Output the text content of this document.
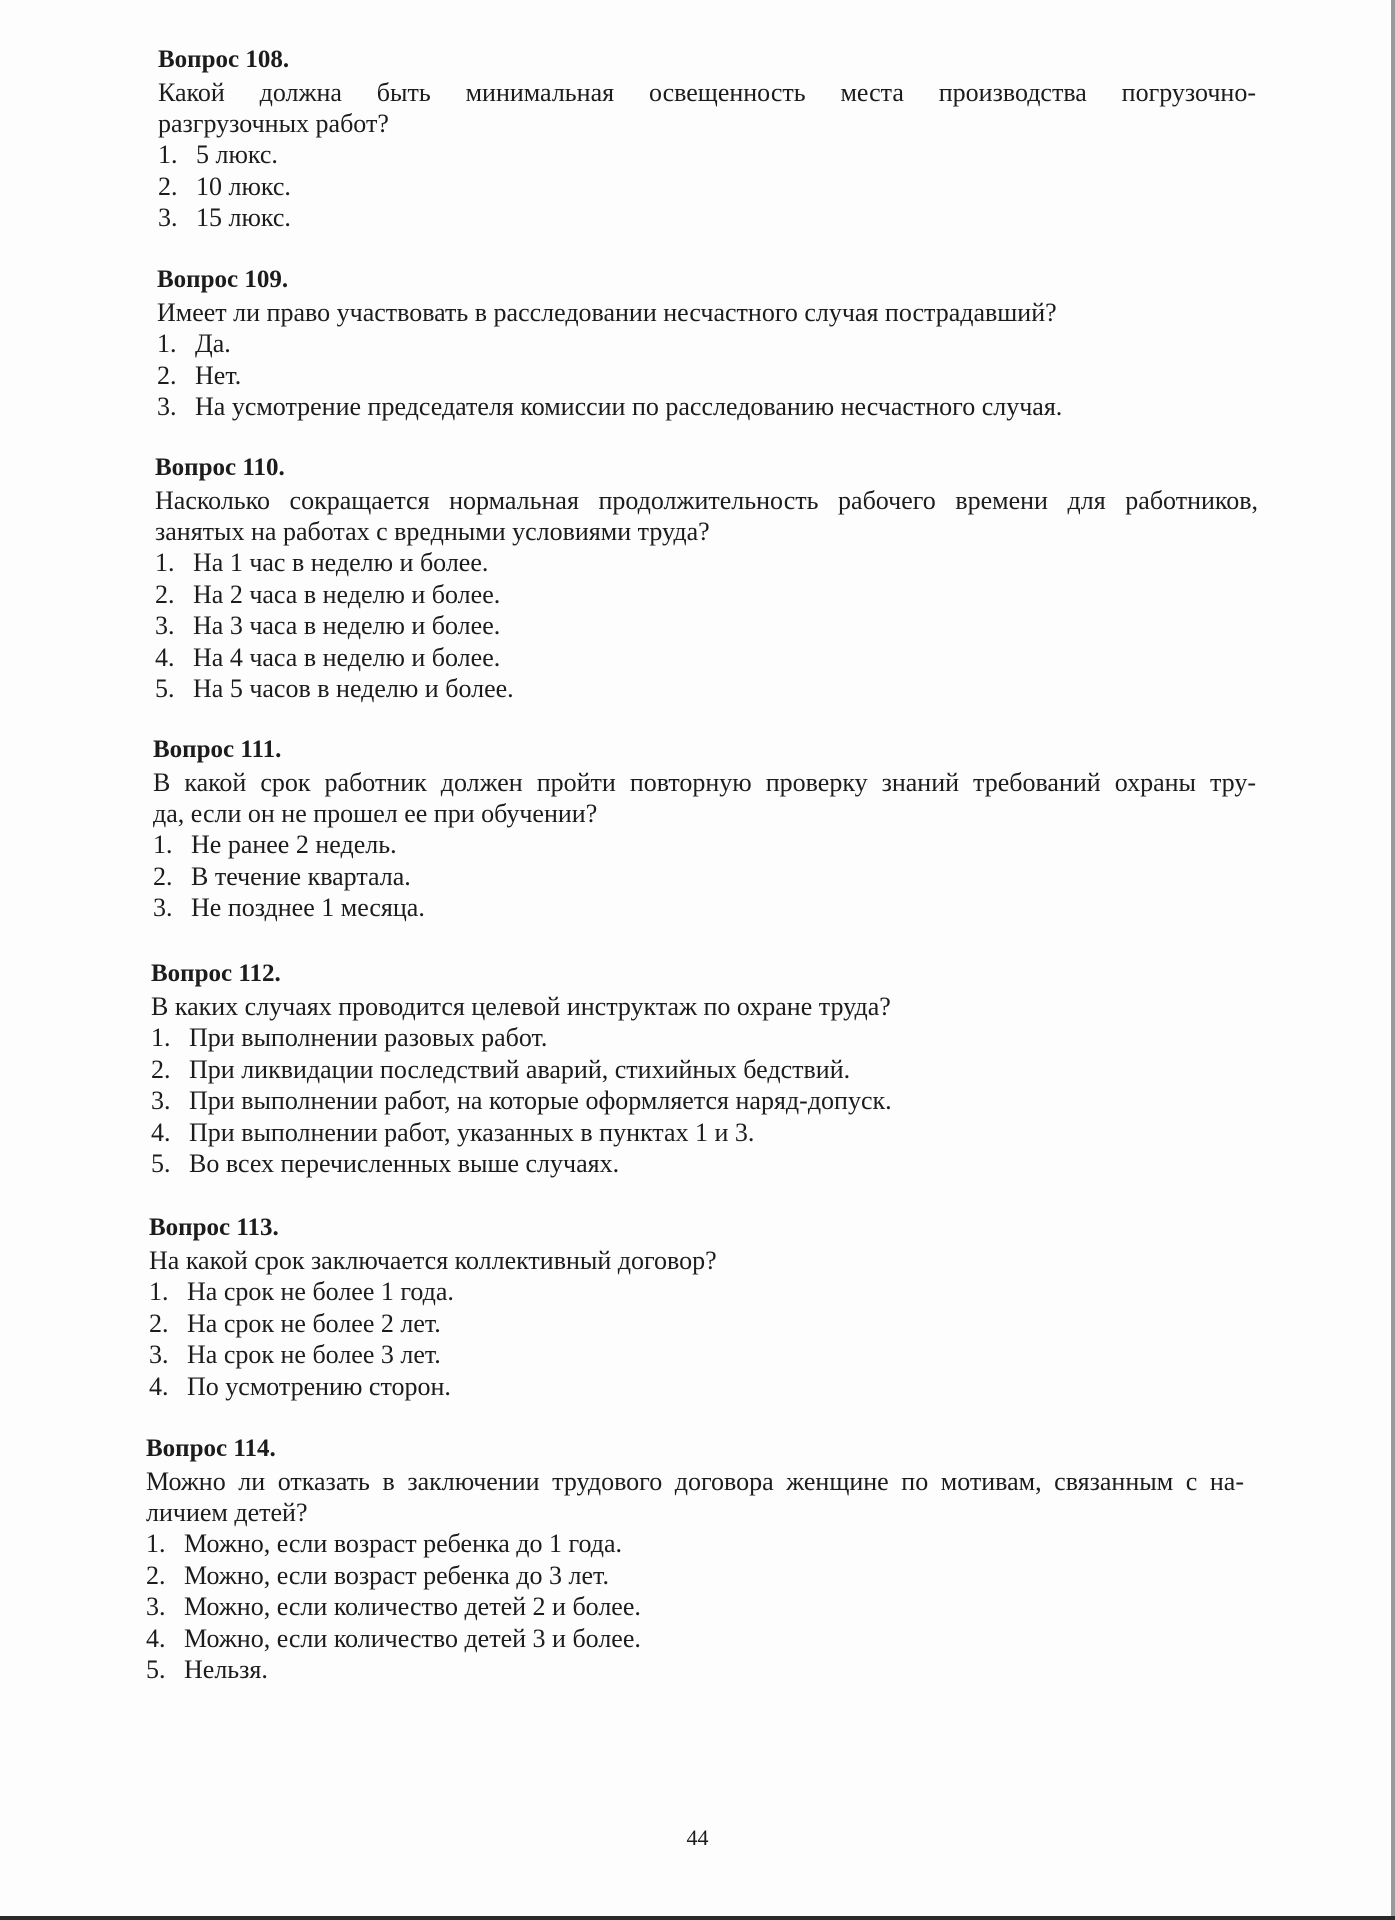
Вопрос 108.

Какой должна быть минимальная освещенность места производства погрузочно-

разгрузочных работ?

1. 5 люкс.
2. 10 люкс.
3. 15 люкс.

Вопрос 109.

Имеет ли право участвовать в расследовании несчастного случая пострадавший?

1. Да.
2. Нет.
3. На усмотрение председателя комиссии по расследованию несчастного случая.

Вопрос 110.

Насколько сокращается нормальная продолжительность рабочего времени для работников,

занятых на работах с вредными условиями труда?

1. На 1 час в неделю и более.
2. На 2 часа в неделю и более.
3. На 3 часа в неделю и более.
4. На 4 часа в неделю и более.
5. На 5 часов в неделю и более.

Вопрос 111.

В какой срок работник должен пройти повторную проверку знаний требований охраны тру-

да, если он не прошел ее при обучении?

1. Не ранее 2 недель.
2. В течение квартала.
3. Не позднее 1 месяца.

Вопрос 112.

В каких случаях проводится целевой инструктаж по охране труда?

1. При выполнении разовых работ.
2. При ликвидации последствий аварий, стихийных бедствий.
3. При выполнении работ, на которые оформляется наряд-допуск.
4. При выполнении работ, указанных в пунктах 1 и 3.
5. Во всех перечисленных выше случаях.

Вопрос 113.

На какой срок заключается коллективный договор?

1. На срок не более 1 года.
2. На срок не более 2 лет.
3. На срок не более 3 лет.
4. По усмотрению сторон.

Вопрос 114.

Можно ли отказать в заключении трудового договора женщине по мотивам, связанным с на-

личием детей?

1. Можно, если возраст ребенка до 1 года.
2. Можно, если возраст ребенка до 3 лет.
3. Можно, если количество детей 2 и более.
4. Можно, если количество детей 3 и более.
5. Нельзя.
44
